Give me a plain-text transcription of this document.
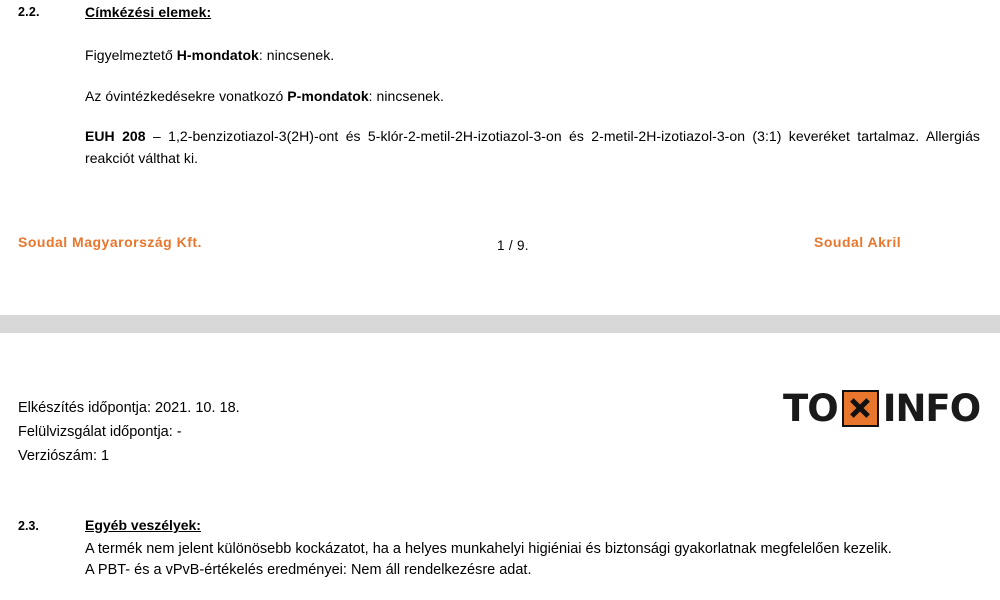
2.2.	Címkézési elemek:
Figyelmeztető H-mondatok: nincsenek.
Az óvintézkedésekre vonatkozó P-mondatok: nincsenek.
EUH 208 – 1,2-benzizotiazol-3(2H)-ont és 5-klór-2-metil-2H-izotiazol-3-on és 2-metil-2H-izotiazol-3-on (3:1) keveréket tartalmaz. Allergiás reakciót válthat ki.
Soudal Magyarország Kft.	1 / 9.	Soudal Akril
Elkészítés időpontja: 2021. 10. 18.
Felülvizsgálat időpontja: -
Verziószám: 1
TO INFO
2.3.	Egyéb veszélyek:
A termék nem jelent különösebb kockázatot, ha a helyes munkahelyi higiéniai és biztonsági gyakorlatnak megfelelően kezelik.
A PBT- és a vPvB-értékelés eredményei: Nem áll rendelkezésre adat.
